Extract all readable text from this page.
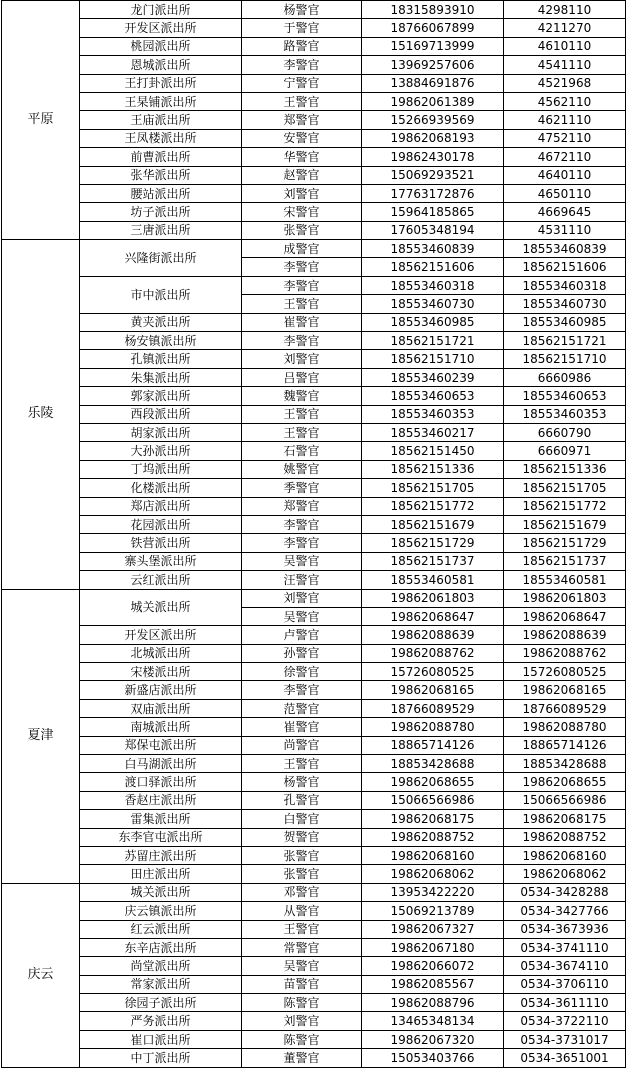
平原	龙门派出所	杨警官	18315893910	4298110
	开发区派出所	于警官	18766067899	4211270
	桃园派出所	路警官	15169713999	4610110
	恩城派出所	李警官	13969257606	4541110
	王打卦派出所	宁警官	13884691876	4521968
	王杲铺派出所	王警官	19862061389	4562110
	王庙派出所	郑警官	15266939569	4621110
	王凤楼派出所	安警官	19862068193	4752110
	前曹派出所	华警官	19862430178	4672110
	张华派出所	赵警官	15069293521	4640110
	腰站派出所	刘警官	17763172876	4650110
	坊子派出所	宋警官	15964185865	4669645
	三唐派出所	张警官	17605348194	4531110
乐陵	兴隆街派出所	成警官	18553460839	18553460839
		李警官	18562151606	18562151606
	市中派出所	李警官	18553460318	18553460318
		王警官	18553460730	18553460730
	黄夹派出所	崔警官	18553460985	18553460985
	杨安镇派出所	李警官	18562151721	18562151721
	孔镇派出所	刘警官	18562151710	18562151710
	朱集派出所	吕警官	18553460239	6660986
	郭家派出所	魏警官	18553460653	18553460653
	西段派出所	王警官	18553460353	18553460353
	胡家派出所	王警官	18553460217	6660790
	大孙派出所	石警官	18562151450	6660971
	丁坞派出所	姚警官	18562151336	18562151336
	化楼派出所	季警官	18562151705	18562151705
	郑店派出所	郑警官	18562151772	18562151772
	花园派出所	李警官	18562151679	18562151679
	铁营派出所	李警官	18562151729	18562151729
	寨头堡派出所	吴警官	18562151737	18562151737
	云红派出所	汪警官	18553460581	18553460581
夏津	城关派出所	刘警官	19862061803	19862061803
		吴警官	19862068647	19862068647
	开发区派出所	卢警官	19862088639	19862088639
	北城派出所	孙警官	19862088762	19862088762
	宋楼派出所	徐警官	15726080525	15726080525
	新盛店派出所	李警官	19862068165	19862068165
	双庙派出所	范警官	18766089529	18766089529
	南城派出所	崔警官	19862088780	19862088780
	郑保屯派出所	尚警官	18865714126	18865714126
	白马湖派出所	王警官	18853428688	18853428688
	渡口驿派出所	杨警官	19862068655	19862068655
	香赵庄派出所	孔警官	15066566986	15066566986
	雷集派出所	白警官	19862068175	19862068175
	东李官屯派出所	贺警官	19862088752	19862088752
	苏留庄派出所	张警官	19862068160	19862068160
	田庄派出所	张警官	19862068062	19862068062
庆云	城关派出所	邓警官	13953422220	0534-3428288
	庆云镇派出所	从警官	15069213789	0534-3427766
	红云派出所	王警官	19862067327	0534-3673936
	东辛店派出所	常警官	19862067180	0534-3741110
	尚堂派出所	吴警官	19862066072	0534-3674110
	常家派出所	苗警官	19862085567	0534-3706110
	徐园子派出所	陈警官	19862088796	0534-3611110
	严务派出所	刘警官	13465348134	0534-3722110
	崔口派出所	陈警官	19862067320	0534-3731017
	中丁派出所	董警官	15053403766	0534-3651001
